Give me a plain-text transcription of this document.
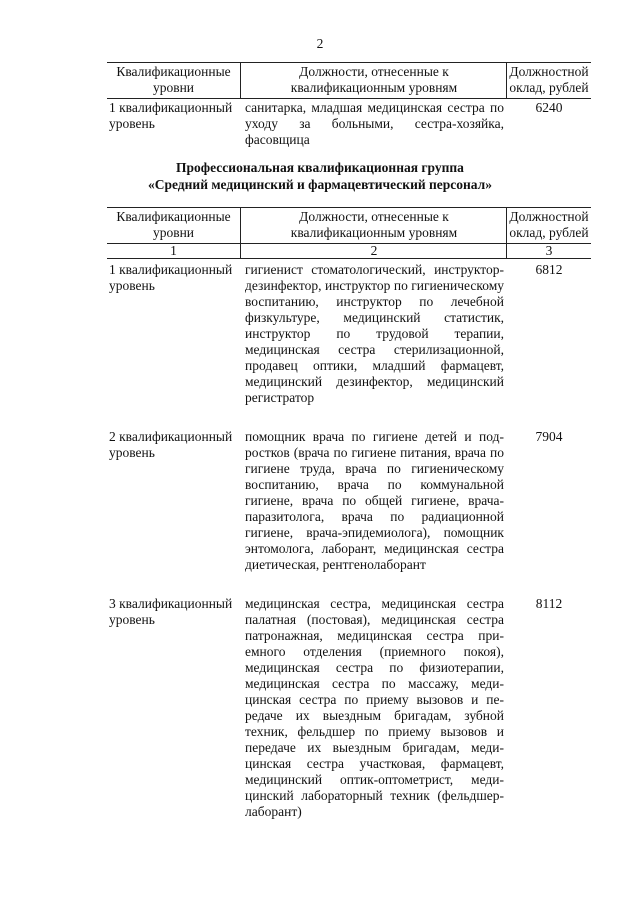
2
Квалификационные уровни
Должности, отнесенные к квалификационным уровням
Должностной оклад, рублей
1 квалификационный уровень
санитарка, младшая медицинская сестра по уходу за больными, сестра-хозяйка, фасовщица
6240
Профессиональная квалификационная группа
«Средний медицинский и фармацевтический персонал»
Квалификационные уровни
Должности, отнесенные к квалификационным уровням
Должностной оклад, рублей
1	2	3
1 квалификационный уровень
гигиенист стоматологический, инструктор-дезинфектор, инструктор по гигиеническому воспитанию, инструктор по лечебной физкультуре, медицинский статистик, инструктор по трудовой терапии, медицинская сестра стерилизационной, продавец оптики, младший фармацевт, медицинский дезинфектор, медицинский регистратор
6812
2 квалификационный уровень
помощник врача по гигиене детей и подростков (врача по гигиене питания, врача по гигиене труда, врача по гигиеническому воспитанию, врача по коммунальной гигиене, врача по общей гигиене, врача-паразитолога, врача по радиационной гигиене, врача-эпидемиолога), помощник энтомолога, лаборант, медицинская сестра диетическая, рентгенолаборант
7904
3 квалификационный уровень
медицинская сестра, медицинская сестра палатная (постовая), медицинская сестра патронажная, медицинская сестра приемного отделения (приемного покоя), медицинская сестра по физиотерапии, медицинская сестра по массажу, медицинская сестра по приему вызовов и передаче их выездным бригадам, зубной техник, фельдшер по приему вызовов и передаче их выездным бригадам, медицинская сестра участковая, фармацевт, медицинский оптик-оптометрист, медицинский лабораторный техник (фельдшер-лаборант)
8112
